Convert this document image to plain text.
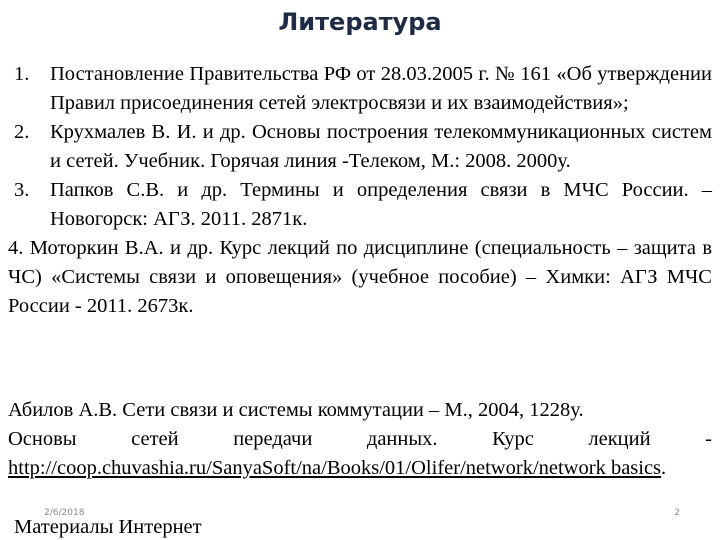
Литература
1. Постановление Правительства РФ от 28.03.2005 г. № 161 «Об утверждении Правил присоединения сетей электросвязи и их взаимодействия»;
2. Крухмалев В. И. и др. Основы построения телекоммуникационных систем и сетей. Учебник. Горячая линия -Телеком, М.: 2008. 2000у.
3. Папков С.В. и др. Термины и определения связи в МЧС России. – Новогорск: АГЗ. 2011. 2871к.
4. Моторкин В.А. и др. Курс лекций по дисциплине (специальность – защита в ЧС) «Системы связи и оповещения» (учебное пособие) – Химки: АГЗ МЧС России - 2011. 2673к.
Абилов А.В. Сети связи и системы коммутации – М., 2004, 1228у.
Основы сетей передачи данных. Курс лекций -
http://coop.chuvashia.ru/SanyaSoft/na/Books/01/Olifer/network/network basics.
2/6/2018	2
Материалы Интернет
